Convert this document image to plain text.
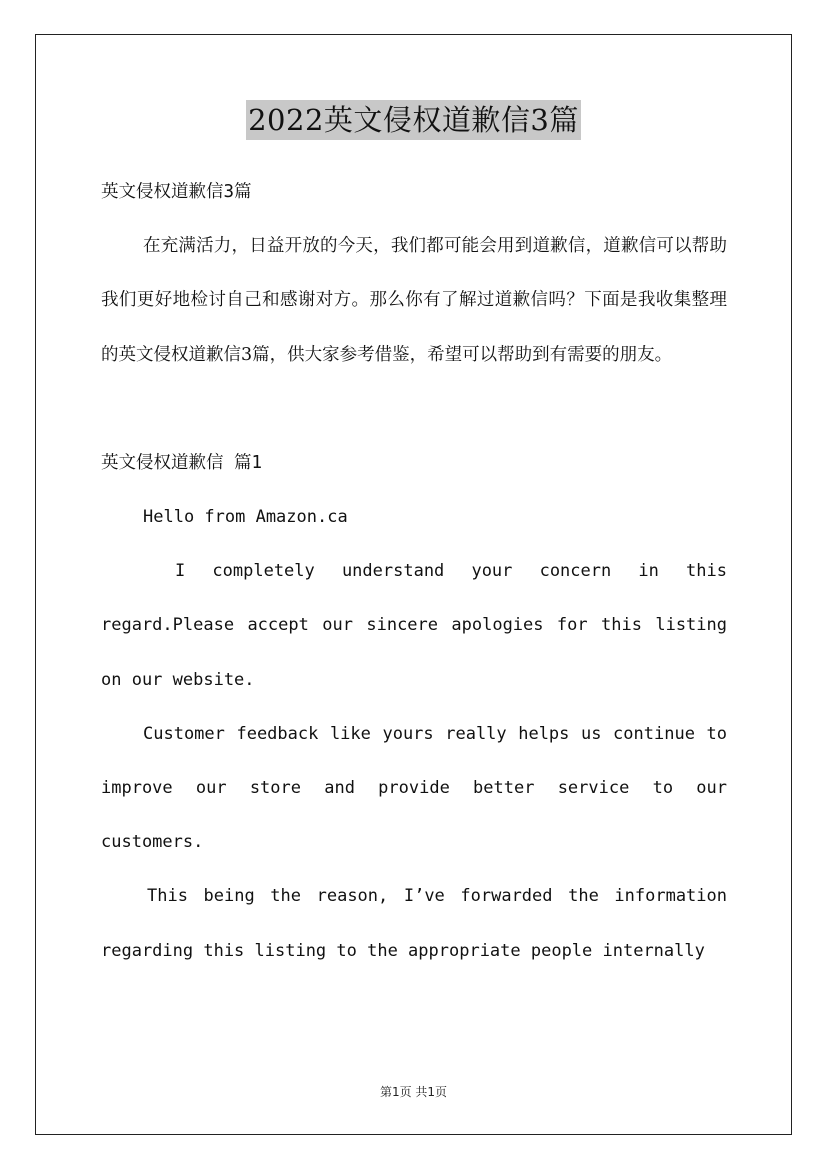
2022英文侵权道歉信3篇

英文侵权道歉信3篇

在充满活力，日益开放的今天，我们都可能会用到道歉信，道歉信可以帮助我们更好地检讨自己和感谢对方。那么你有了解过道歉信吗？下面是我收集整理的英文侵权道歉信3篇，供大家参考借鉴，希望可以帮助到有需要的朋友。

英文侵权道歉信 篇1

Hello from Amazon.ca

I completely understand your concern in this regard.Please accept our sincere apologies for this listing on our website.

Customer feedback like yours really helps us continue to improve our store and provide better service to our customers.

This being the reason, I’ve forwarded the information regarding this listing to the appropriate people internally

第1页 共1页
